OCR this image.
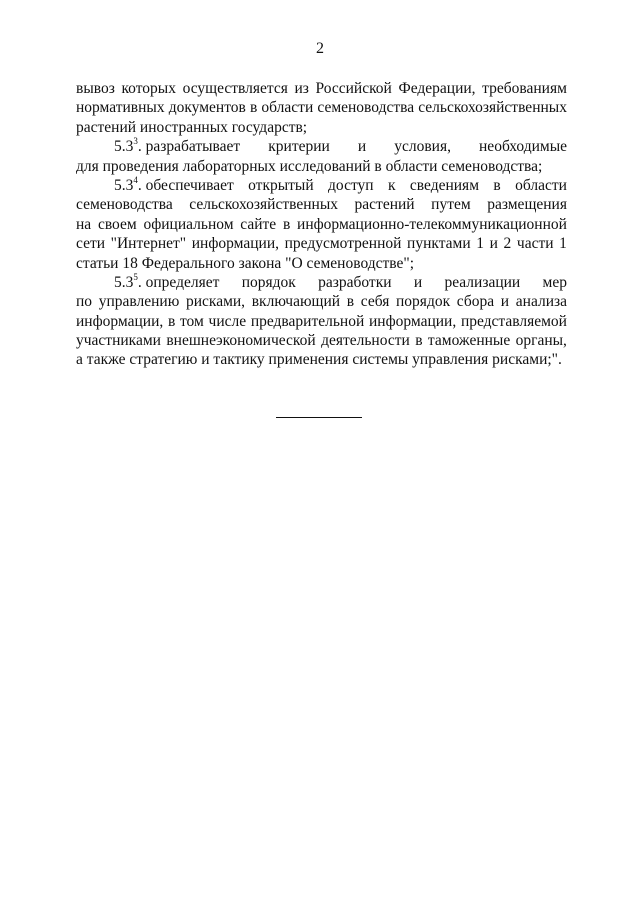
2
вывоз которых осуществляется из Российской Федерации, требованиям
нормативных документов в области семеноводства сельскохозяйственных
растений иностранных государств;
$5.3^3$. разрабатывает критерии и условия, необходимые
для проведения лабораторных исследований в области семеноводства;
$5.3^4$. обеспечивает открытый доступ к сведениям в области
семеноводства сельскохозяйственных растений путем размещения
на своем официальном сайте в информационно-телекоммуникационной
сети "Интернет" информации, предусмотренной пунктами 1 и 2 части 1
статьи 18 Федерального закона "О семеноводстве";
$5.3^5$. определяет порядок разработки и реализации мер
по управлению рисками, включающий в себя порядок сбора и анализа
информации, в том числе предварительной информации, представляемой
участниками внешнеэкономической деятельности в таможенные органы,
а также стратегию и тактику применения системы управления рисками;".
